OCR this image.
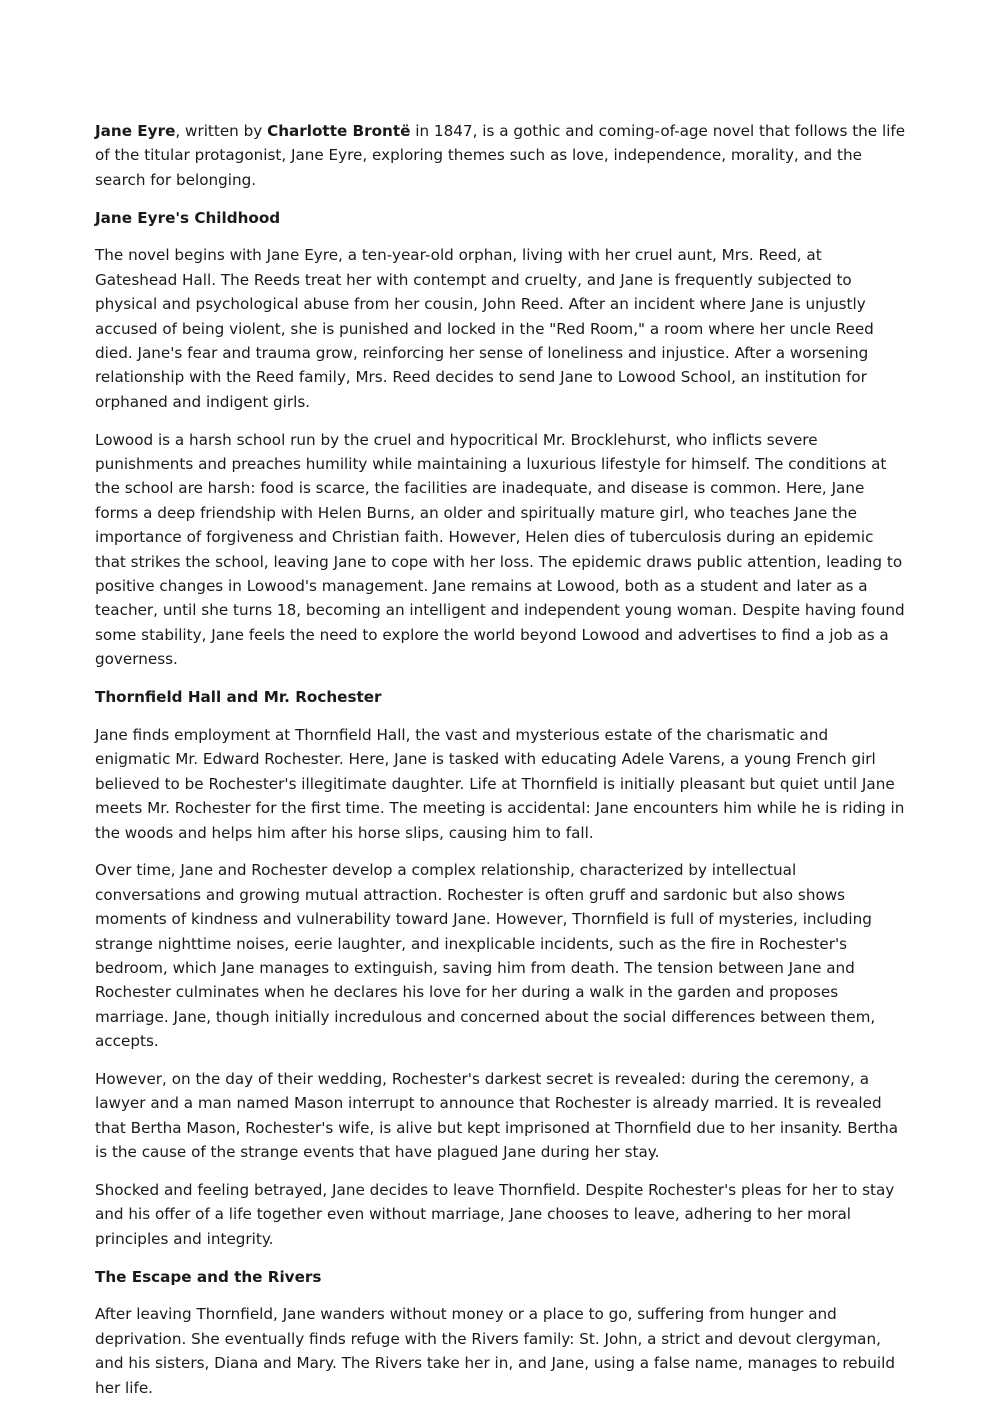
Jane Eyre, written by Charlotte Brontë in 1847, is a gothic and coming-of-age novel that follows the life of the titular protagonist, Jane Eyre, exploring themes such as love, independence, morality, and the search for belonging.

Jane Eyre's Childhood

The novel begins with Jane Eyre, a ten-year-old orphan, living with her cruel aunt, Mrs. Reed, at Gateshead Hall. The Reeds treat her with contempt and cruelty, and Jane is frequently subjected to physical and psychological abuse from her cousin, John Reed. After an incident where Jane is unjustly accused of being violent, she is punished and locked in the "Red Room," a room where her uncle Reed died. Jane's fear and trauma grow, reinforcing her sense of loneliness and injustice. After a worsening relationship with the Reed family, Mrs. Reed decides to send Jane to Lowood School, an institution for orphaned and indigent girls.

Lowood is a harsh school run by the cruel and hypocritical Mr. Brocklehurst, who inflicts severe punishments and preaches humility while maintaining a luxurious lifestyle for himself. The conditions at the school are harsh: food is scarce, the facilities are inadequate, and disease is common. Here, Jane forms a deep friendship with Helen Burns, an older and spiritually mature girl, who teaches Jane the importance of forgiveness and Christian faith. However, Helen dies of tuberculosis during an epidemic that strikes the school, leaving Jane to cope with her loss. The epidemic draws public attention, leading to positive changes in Lowood's management. Jane remains at Lowood, both as a student and later as a teacher, until she turns 18, becoming an intelligent and independent young woman. Despite having found some stability, Jane feels the need to explore the world beyond Lowood and advertises to find a job as a governess.

Thornfield Hall and Mr. Rochester

Jane finds employment at Thornfield Hall, the vast and mysterious estate of the charismatic and enigmatic Mr. Edward Rochester. Here, Jane is tasked with educating Adele Varens, a young French girl believed to be Rochester's illegitimate daughter. Life at Thornfield is initially pleasant but quiet until Jane meets Mr. Rochester for the first time. The meeting is accidental: Jane encounters him while he is riding in the woods and helps him after his horse slips, causing him to fall.

Over time, Jane and Rochester develop a complex relationship, characterized by intellectual conversations and growing mutual attraction. Rochester is often gruff and sardonic but also shows moments of kindness and vulnerability toward Jane. However, Thornfield is full of mysteries, including strange nighttime noises, eerie laughter, and inexplicable incidents, such as the fire in Rochester's bedroom, which Jane manages to extinguish, saving him from death. The tension between Jane and Rochester culminates when he declares his love for her during a walk in the garden and proposes marriage. Jane, though initially incredulous and concerned about the social differences between them, accepts.

However, on the day of their wedding, Rochester's darkest secret is revealed: during the ceremony, a lawyer and a man named Mason interrupt to announce that Rochester is already married. It is revealed that Bertha Mason, Rochester's wife, is alive but kept imprisoned at Thornfield due to her insanity. Bertha is the cause of the strange events that have plagued Jane during her stay.

Shocked and feeling betrayed, Jane decides to leave Thornfield. Despite Rochester's pleas for her to stay and his offer of a life together even without marriage, Jane chooses to leave, adhering to her moral principles and integrity.

The Escape and the Rivers

After leaving Thornfield, Jane wanders without money or a place to go, suffering from hunger and deprivation. She eventually finds refuge with the Rivers family: St. John, a strict and devout clergyman, and his sisters, Diana and Mary. The Rivers take her in, and Jane, using a false name, manages to rebuild her life.
